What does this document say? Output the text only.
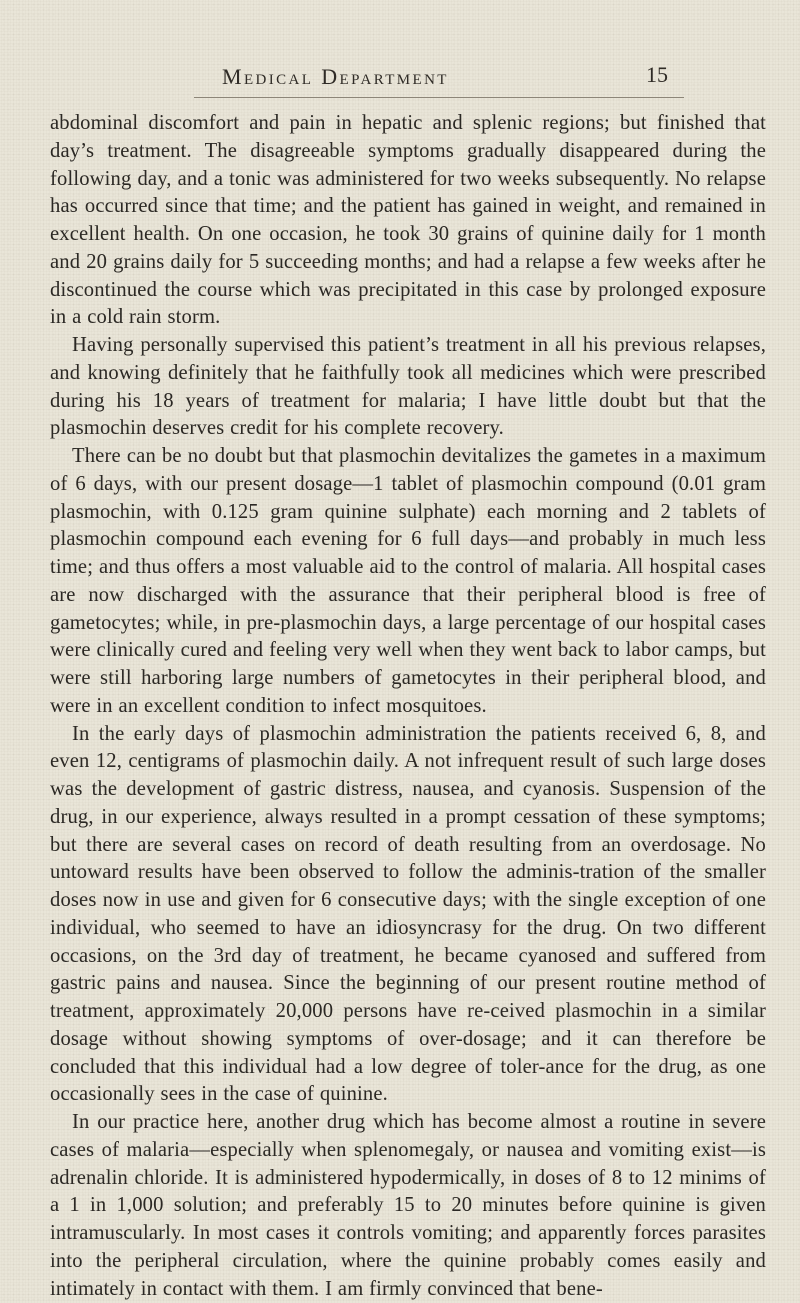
Medical Department	15

abdominal discomfort and pain in hepatic and splenic regions; but finished that day’s treatment. The disagreeable symptoms gradually disappeared during the following day, and a tonic was administered for two weeks subsequently. No relapse has occurred since that time; and the patient has gained in weight, and remained in excellent health. On one occasion, he took 30 grains of quinine daily for 1 month and 20 grains daily for 5 succeeding months; and had a relapse a few weeks after he discontinued the course which was precipitated in this case by prolonged exposure in a cold rain storm.

Having personally supervised this patient’s treatment in all his previous relapses, and knowing definitely that he faithfully took all medicines which were prescribed during his 18 years of treatment for malaria; I have little doubt but that the plasmochin deserves credit for his complete recovery.

There can be no doubt but that plasmochin devitalizes the gametes in a maximum of 6 days, with our present dosage—1 tablet of plasmochin compound (0.01 gram plasmochin, with 0.125 gram quinine sulphate) each morning and 2 tablets of plasmochin compound each evening for 6 full days—and probably in much less time; and thus offers a most valuable aid to the control of malaria. All hospital cases are now discharged with the assurance that their peripheral blood is free of gametocytes; while, in pre-plasmochin days, a large percentage of our hospital cases were clinically cured and feeling very well when they went back to labor camps, but were still harboring large numbers of gametocytes in their peripheral blood, and were in an excellent condition to infect mosquitoes.

In the early days of plasmochin administration the patients received 6, 8, and even 12, centigrams of plasmochin daily. A not infrequent result of such large doses was the development of gastric distress, nausea, and cyanosis. Suspension of the drug, in our experience, always resulted in a prompt cessation of these symptoms; but there are several cases on record of death resulting from an overdosage. No untoward results have been observed to follow the adminis-tration of the smaller doses now in use and given for 6 consecutive days; with the single exception of one individual, who seemed to have an idiosyncrasy for the drug. On two different occasions, on the 3rd day of treatment, he became cyanosed and suffered from gastric pains and nausea. Since the beginning of our present routine method of treatment, approximately 20,000 persons have re-ceived plasmochin in a similar dosage without showing symptoms of over-dosage; and it can therefore be concluded that this individual had a low degree of toler-ance for the drug, as one occasionally sees in the case of quinine.

In our practice here, another drug which has become almost a routine in severe cases of malaria—especially when splenomegaly, or nausea and vomiting exist—is adrenalin chloride. It is administered hypodermically, in doses of 8 to 12 minims of a 1 in 1,000 solution; and preferably 15 to 20 minutes before quinine is given intramuscularly. In most cases it controls vomiting; and apparently forces parasites into the peripheral circulation, where the quinine probably comes easily and intimately in contact with them. I am firmly convinced that bene-
